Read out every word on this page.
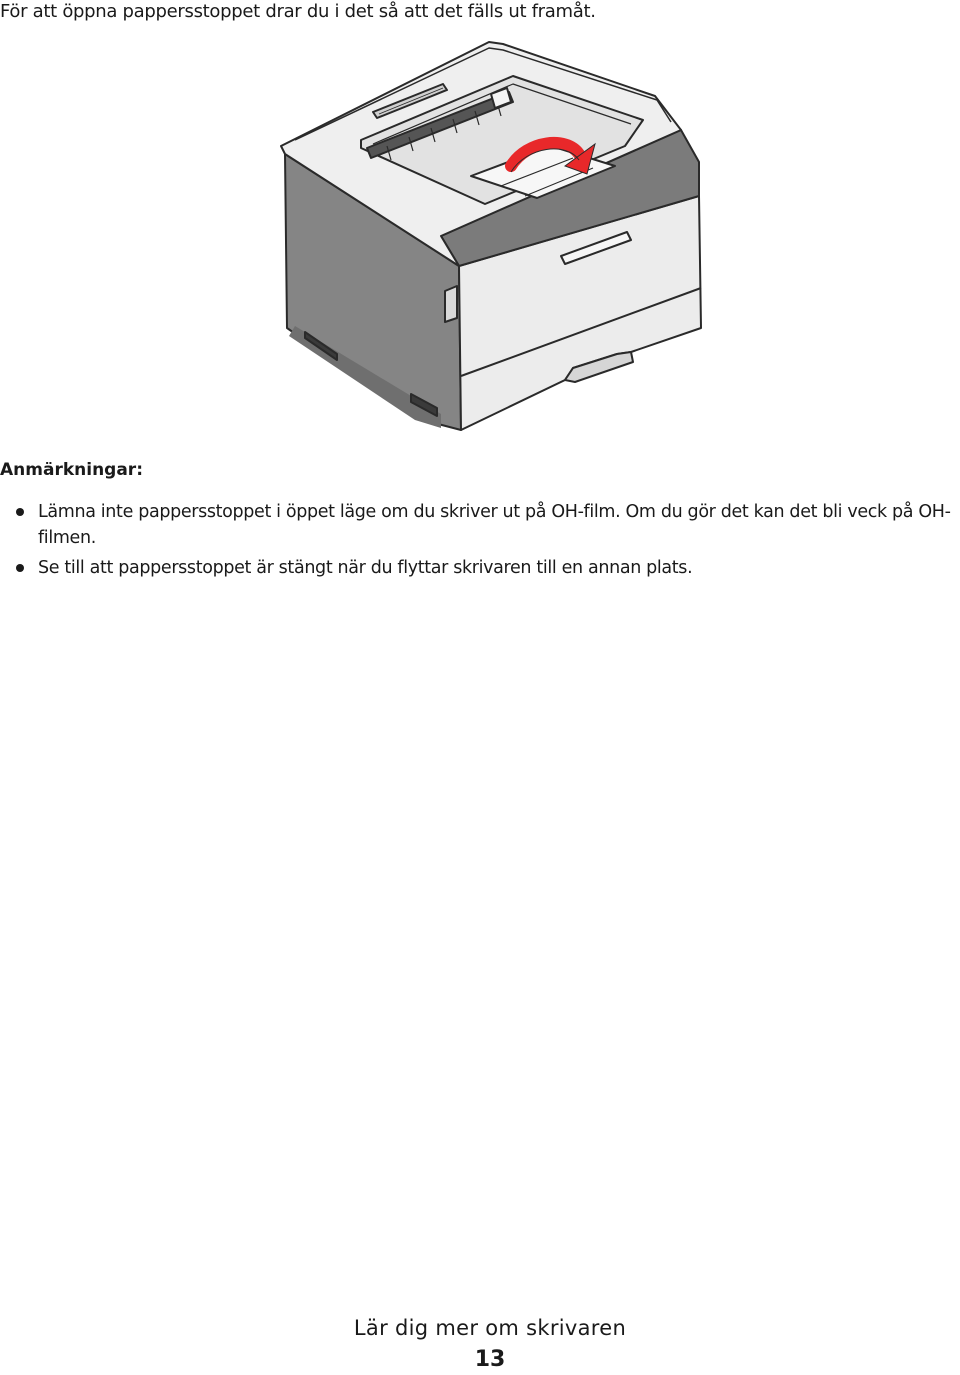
För att öppna pappersstoppet drar du i det så att det fälls ut framåt.
Anmärkningar:
Lämna inte pappersstoppet i öppet läge om du skriver ut på OH-film. Om du gör det kan det bli veck på OH-filmen.
Se till att pappersstoppet är stängt när du flyttar skrivaren till en annan plats.
Lär dig mer om skrivaren
13
